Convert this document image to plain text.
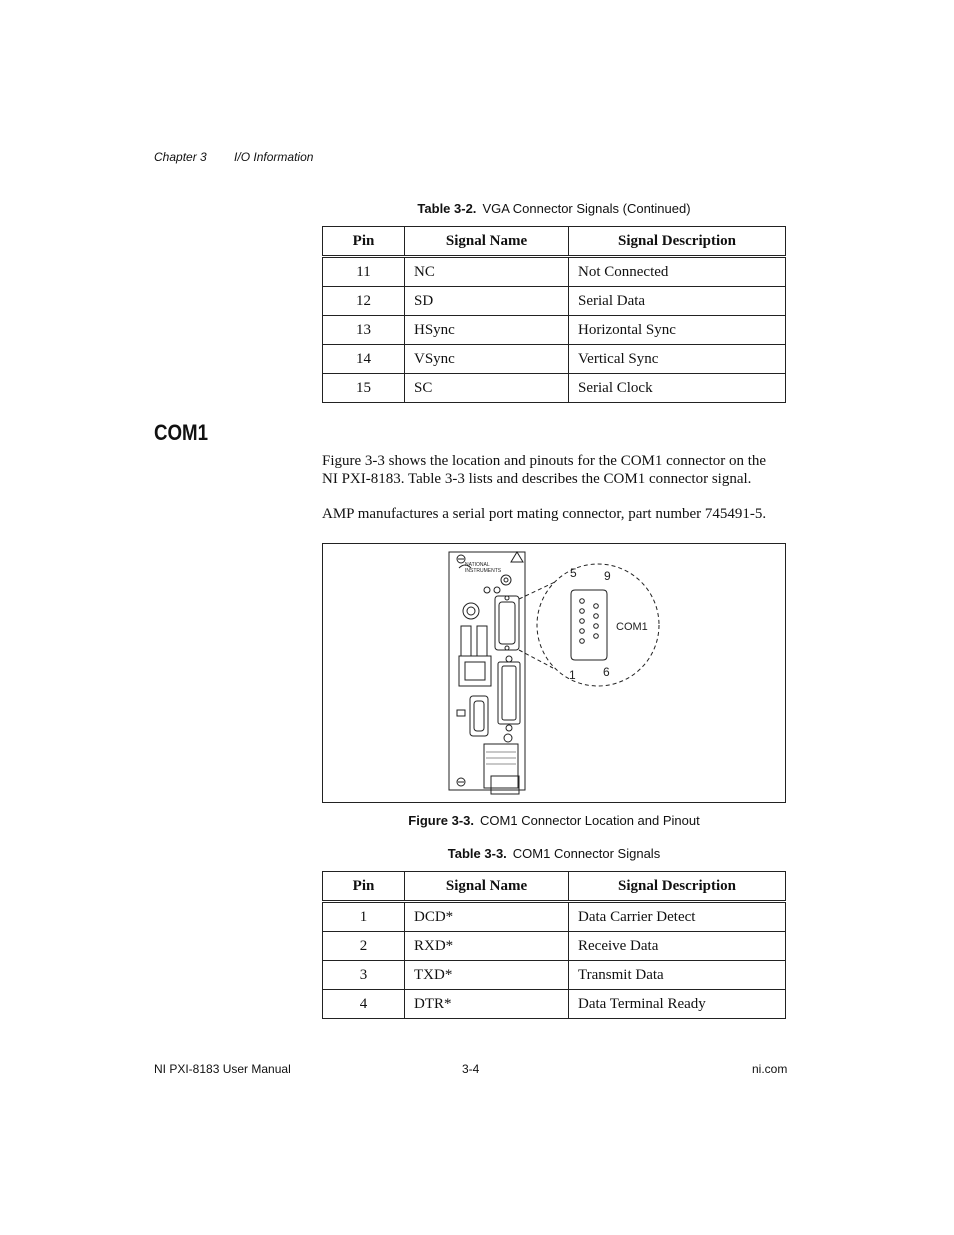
Chapter 3 I/O Information
Table 3-2. VGA Connector Signals (Continued)
Pin	Signal Name	Signal Description
11	NC	Not Connected
12	SD	Serial Data
13	HSync	Horizontal Sync
14	VSync	Vertical Sync
15	SC	Serial Clock
COM1
Figure 3-3 shows the location and pinouts for the COM1 connector on the
NI PXI-8183. Table 3-3 lists and describes the COM1 connector signal.
AMP manufactures a serial port mating connector, part number 745491-5.
NATIONAL
INSTRUMENTS	5 9
1 6
COM1
Figure 3-3. COM1 Connector Location and Pinout
Table 3-3. COM1 Connector Signals
Pin	Signal Name	Signal Description
1	DCD*	Data Carrier Detect
2	RXD*	Receive Data
3	TXD*	Transmit Data
4	DTR*	Data Terminal Ready
NI PXI-8183 User Manual	3-4	ni.com
